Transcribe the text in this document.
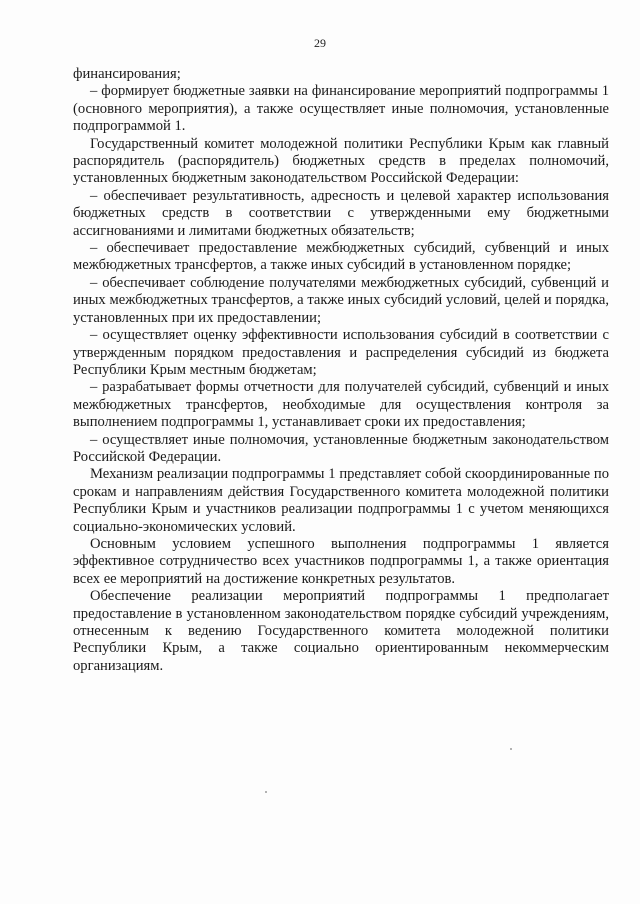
29

финансирования;

– формирует бюджетные заявки на финансирование мероприятий подпрограммы 1 (основного мероприятия), а также осуществляет иные полномочия, установленные подпрограммой 1.

Государственный комитет молодежной политики Республики Крым как главный распорядитель (распорядитель) бюджетных средств в пределах полномочий, установленных бюджетным законодательством Российской Федерации:

– обеспечивает результативность, адресность и целевой характер использования бюджетных средств в соответствии с утвержденными ему бюджетными ассигнованиями и лимитами бюджетных обязательств;

– обеспечивает предоставление межбюджетных субсидий, субвенций и иных межбюджетных трансфертов, а также иных субсидий в установленном порядке;

– обеспечивает соблюдение получателями межбюджетных субсидий, субвенций и иных межбюджетных трансфертов, а также иных субсидий условий, целей и порядка, установленных при их предоставлении;

– осуществляет оценку эффективности использования субсидий в соответствии с утвержденным порядком предоставления и распределения субсидий из бюджета Республики Крым местным бюджетам;

– разрабатывает формы отчетности для получателей субсидий, субвенций и иных межбюджетных трансфертов, необходимые для осуществления контроля за выполнением подпрограммы 1, устанавливает сроки их предоставления;

– осуществляет иные полномочия, установленные бюджетным законодательством Российской Федерации.

Механизм реализации подпрограммы 1 представляет собой скоординированные по срокам и направлениям действия Государственного комитета молодежной политики Республики Крым и участников реализации подпрограммы 1 с учетом меняющихся социально-экономических условий.

Основным условием успешного выполнения подпрограммы 1 является эффективное сотрудничество всех участников подпрограммы 1, а также ориентация всех ее мероприятий на достижение конкретных результатов.

Обеспечение реализации мероприятий подпрограммы 1 предполагает предоставление в установленном законодательством порядке субсидий учреждениям, отнесенным к ведению Государственного комитета молодежной политики Республики Крым, а также социально ориентированным некоммерческим организациям.
